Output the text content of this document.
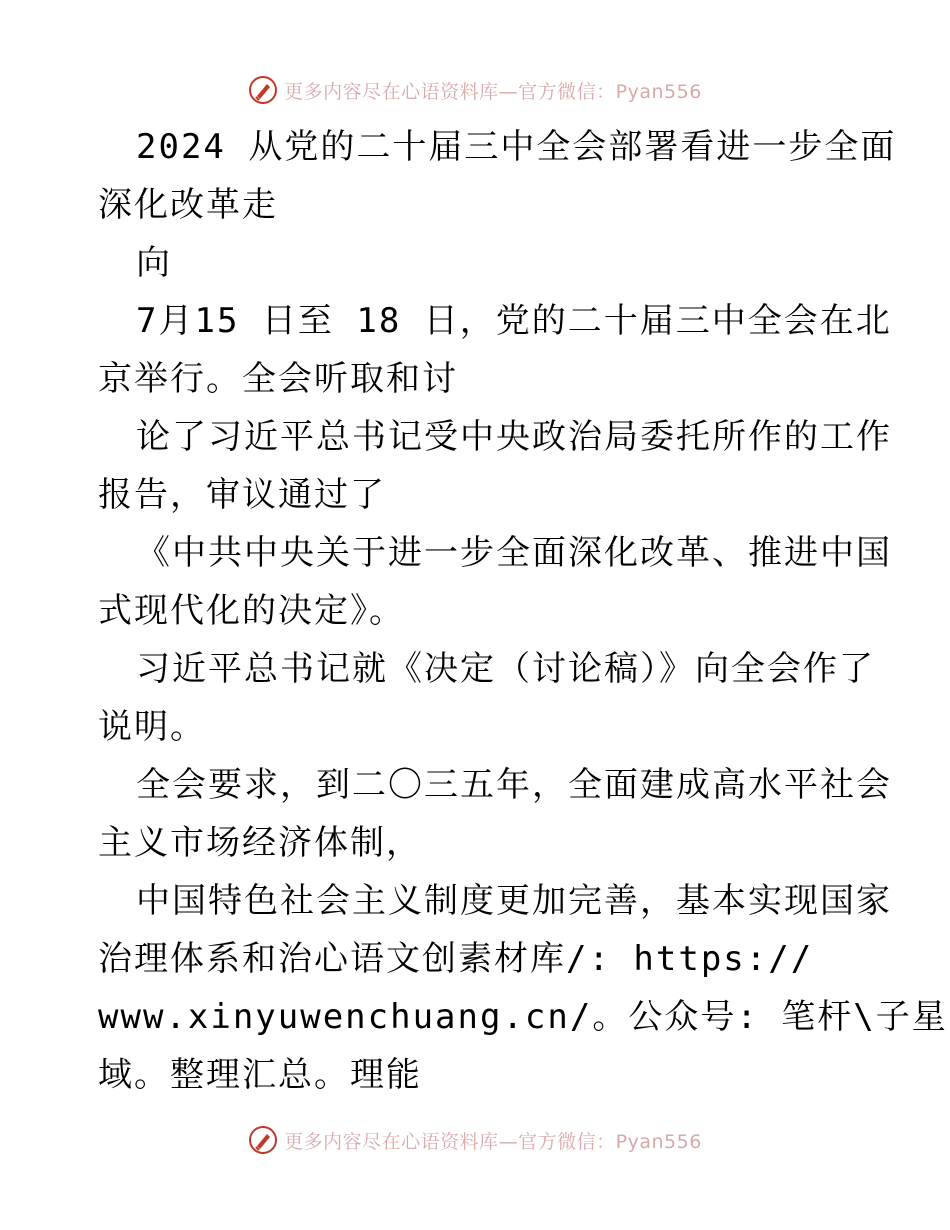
更多内容尽在心语资料库—官方微信：Pyan556
2024 从党的二十届三中全会部署看进一步全面
深化改革走
向
7月15 日至 18 日，党的二十届三中全会在北
京举行。全会听取和讨
论了习近平总书记受中央政治局委托所作的工作
报告，审议通过了
《中共中央关于进一步全面深化改革、推进中国
式现代化的决定》。
习近平总书记就《决定（讨论稿）》向全会作了
说明。
全会要求，到二〇三五年，全面建成高水平社会
主义市场经济体制，
中国特色社会主义制度更加完善，基本实现国家
治理体系和治心语文创素材库/: https://
www.xinyuwenchuang.cn/。公众号: 笔杆\子星
域。整理汇总。理能
更多内容尽在心语资料库—官方微信：Pyan556
